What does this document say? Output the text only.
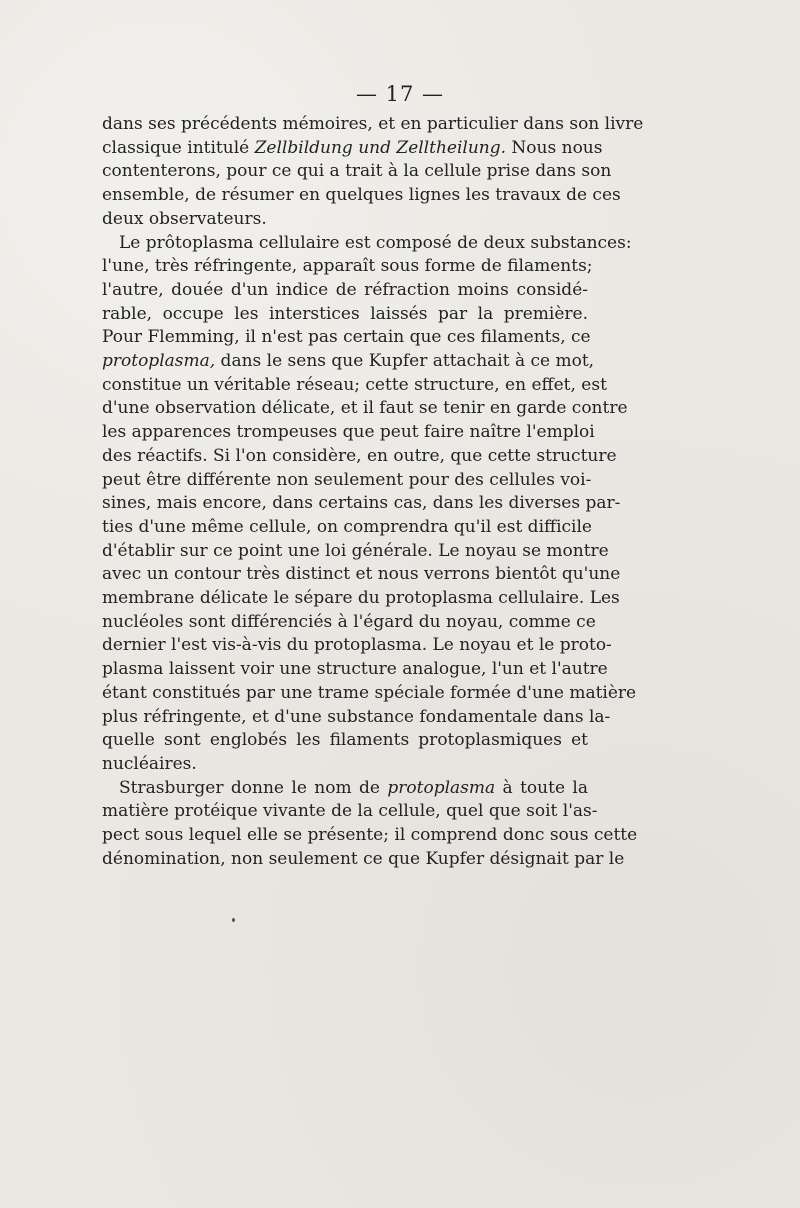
— 17 —
dans ses précédents mémoires, et en particulier dans son livre
classique intitulé Zellbildung und Zelltheilung. Nous nous
contenterons, pour ce qui a trait à la cellule prise dans son
ensemble, de résumer en quelques lignes les travaux de ces
deux observateurs.
Le prôtoplasma cellulaire est composé de deux substances:
l'une, très réfringente, apparaît sous forme de filaments;
l'autre, douée d'un indice de réfraction moins considé-
rable, occupe les interstices laissés par la première.
Pour Flemming, il n'est pas certain que ces filaments, ce
protoplasma, dans le sens que Kupfer attachait à ce mot,
constitue un véritable réseau; cette structure, en effet, est
d'une observation délicate, et il faut se tenir en garde contre
les apparences trompeuses que peut faire naître l'emploi
des réactifs. Si l'on considère, en outre, que cette structure
peut être différente non seulement pour des cellules voi-
sines, mais encore, dans certains cas, dans les diverses par-
ties d'une même cellule, on comprendra qu'il est difficile
d'établir sur ce point une loi générale. Le noyau se montre
avec un contour très distinct et nous verrons bientôt qu'une
membrane délicate le sépare du protoplasma cellulaire. Les
nucléoles sont différenciés à l'égard du noyau, comme ce
dernier l'est vis-à-vis du protoplasma. Le noyau et le proto-
plasma laissent voir une structure analogue, l'un et l'autre
étant constitués par une trame spéciale formée d'une matière
plus réfringente, et d'une substance fondamentale dans la-
quelle sont englobés les filaments protoplasmiques et
nucléaires.
Strasburger donne le nom de protoplasma à toute la
matière protéique vivante de la cellule, quel que soit l'as-
pect sous lequel elle se présente; il comprend donc sous cette
dénomination, non seulement ce que Kupfer désignait par le
